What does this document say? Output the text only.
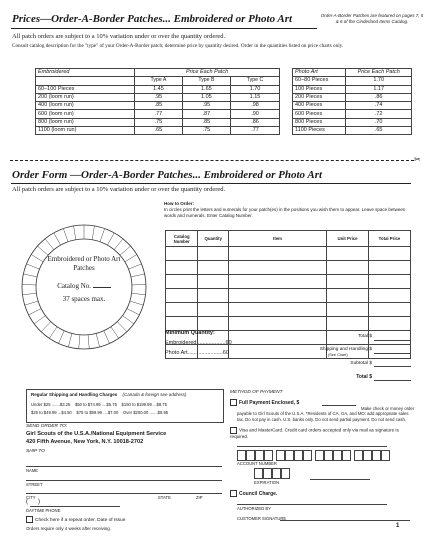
Prices—Order-A-Border Patches... Embroidered or Photo Art	Order-A-Border Patches are featured on pages 7, 5 & 6 of the Cinderland Items Catalog.
All patch orders are subject to a 10% variation under or over the quantity ordered.
Consult catalog description for the "type" of your Order-A-Border patch; determine price by quantity desired. Order in the quantities listed on price charts only.
Embroidered	Price Each Patch		
	Type A	Type B	Type C
60–100 Pieces	1.45	1.65	1.70
200 (loom run)	.95	1.05	1.15
400 (loom run)	.85	.95	.98
600 (loom run)	.77	.87	.90
800 (loom run)	.75	.85	.86
1100 (loom run)	.65	.75	.77
Photo Art	Price Each Patch
60–80 Pieces	1.70
100 Pieces	1.17
200 Pieces	.86
400 Pieces	.74
600 Pieces	.72
800 Pieces	.70
1100 Pieces	.65
✂
Order Form —Order-A-Border Patches... Embroidered or Photo Art
All patch orders are subject to a 10% variation under or over the quantity ordered.
How to Order:
In circles print the letters and numerals for your patch(es) in the positions you wish them to appear. Leave space between words and numerals. Enter Catalog Number.
Embroidered or Photo Art Patches
Catalog No.
37 spaces max.
Catalog Number	Quantity	Item	Unit Price	Total Price

Minimum Quantity:
Embroidered ..................60
Photo Art.......................60
Total $
Shipping and Handling $
(See Chart)
Subtotal $
Total $
Regular Shipping and Handling Charges (Canada & foreign see address)
Under $25 .......$3.25    $50 to $74.99 ....$5.75    $150 to $199.99 ...$8.75
$25 to $49.99 ...$4.50    $75 to $99.99 ....$7.00    Over $200.00 .......$9.95
SEND ORDER TO:
Girl Scouts of the U.S.A./National Equipment Service
420 Fifth Avenue, New York, N.Y. 10018-2702
SHIP TO
NAME
STREET
CITY	STATE	ZIP
(      )
DAYTIME PHONE
Check here if a repeat order. Date of Issue
Orders require only 4 weeks after receiving.
METHOD OF PAYMENT
Full Payment Enclosed, $
Make check or money order payable to Girl Scouts of the U.S.A. *Residents of CA, GA, and MO: add appropriate sales tax. Do not pay in cash. U.S. banks only. Do not send partial payment. Do not send cash.
Visa and MasterCard. Credit card orders accepted only via mail as signature is required.
ACCOUNT NUMBER
EXPIRATION
Council Charge.
AUTHORIZED BY
CUSTOMER SIGNATURE
1
